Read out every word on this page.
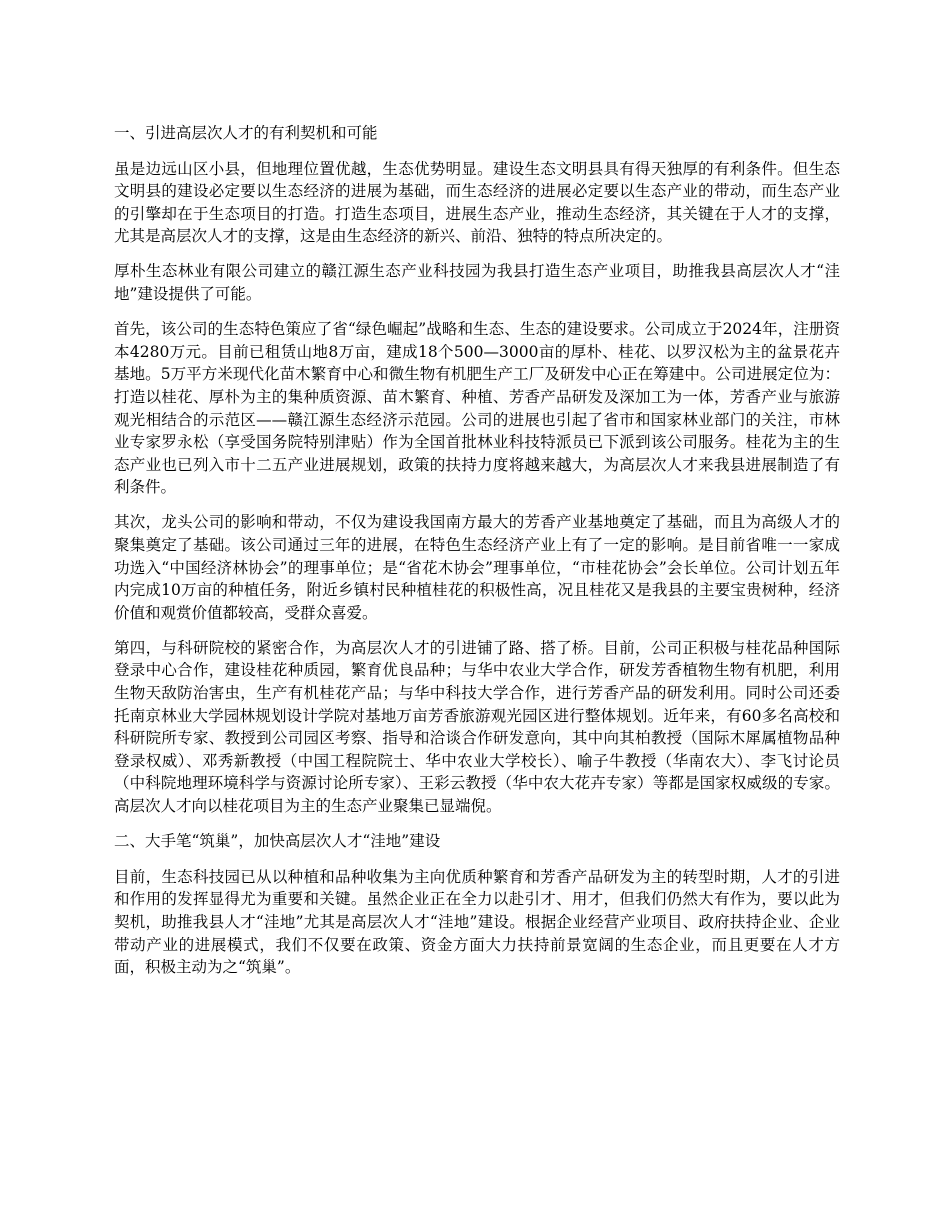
一、引进高层次人才的有利契机和可能

虽是边远山区小县，但地理位置优越，生态优势明显。建设生态文明县具有得天独厚的有利条件。但生态文明县的建设必定要以生态经济的进展为基础，而生态经济的进展必定要以生态产业的带动，而生态产业的引擎却在于生态项目的打造。打造生态项目，进展生态产业，推动生态经济，其关键在于人才的支撑，尤其是高层次人才的支撑，这是由生态经济的新兴、前沿、独特的特点所决定的。

厚朴生态林业有限公司建立的赣江源生态产业科技园为我县打造生态产业项目，助推我县高层次人才“洼地”建设提供了可能。

首先，该公司的生态特色策应了省“绿色崛起”战略和生态、生态的建设要求。公司成立于2024年，注册资本4280万元。目前已租赁山地8万亩，建成18个500—3000亩的厚朴、桂花、以罗汉松为主的盆景花卉基地。5万平方米现代化苗木繁育中心和微生物有机肥生产工厂及研发中心正在筹建中。公司进展定位为：打造以桂花、厚朴为主的集种质资源、苗木繁育、种植、芳香产品研发及深加工为一体，芳香产业与旅游观光相结合的示范区——赣江源生态经济示范园。公司的进展也引起了省市和国家林业部门的关注，市林业专家罗永松（享受国务院特别津贴）作为全国首批林业科技特派员已下派到该公司服务。桂花为主的生态产业也已列入市十二五产业进展规划，政策的扶持力度将越来越大，为高层次人才来我县进展制造了有利条件。

其次，龙头公司的影响和带动，不仅为建设我国南方最大的芳香产业基地奠定了基础，而且为高级人才的聚集奠定了基础。该公司通过三年的进展，在特色生态经济产业上有了一定的影响。是目前省唯一一家成功选入“中国经济林协会”的理事单位；是“省花木协会”理事单位，“市桂花协会”会长单位。公司计划五年内完成10万亩的种植任务，附近乡镇村民种植桂花的积极性高，况且桂花又是我县的主要宝贵树种，经济价值和观赏价值都较高，受群众喜爱。

第四，与科研院校的紧密合作，为高层次人才的引进铺了路、搭了桥。目前，公司正积极与桂花品种国际登录中心合作，建设桂花种质园，繁育优良品种；与华中农业大学合作，研发芳香植物生物有机肥，利用生物天敌防治害虫，生产有机桂花产品；与华中科技大学合作，进行芳香产品的研发利用。同时公司还委托南京林业大学园林规划设计学院对基地万亩芳香旅游观光园区进行整体规划。近年来，有60多名高校和科研院所专家、教授到公司园区考察、指导和洽谈合作研发意向，其中向其柏教授（国际木犀属植物品种登录权威）、邓秀新教授（中国工程院院士、华中农业大学校长）、喻子牛教授（华南农大）、李飞讨论员（中科院地理环境科学与资源讨论所专家）、王彩云教授（华中农大花卉专家）等都是国家权威级的专家。高层次人才向以桂花项目为主的生态产业聚集已显端倪。

二、大手笔“筑巢”，加快高层次人才“洼地”建设

目前，生态科技园已从以种植和品种收集为主向优质种繁育和芳香产品研发为主的转型时期，人才的引进和作用的发挥显得尤为重要和关键。虽然企业正在全力以赴引才、用才，但我们仍然大有作为，要以此为契机，助推我县人才“洼地”尤其是高层次人才“洼地”建设。根据企业经营产业项目、政府扶持企业、企业带动产业的进展模式，我们不仅要在政策、资金方面大力扶持前景宽阔的生态企业，而且更要在人才方面，积极主动为之“筑巢”。
